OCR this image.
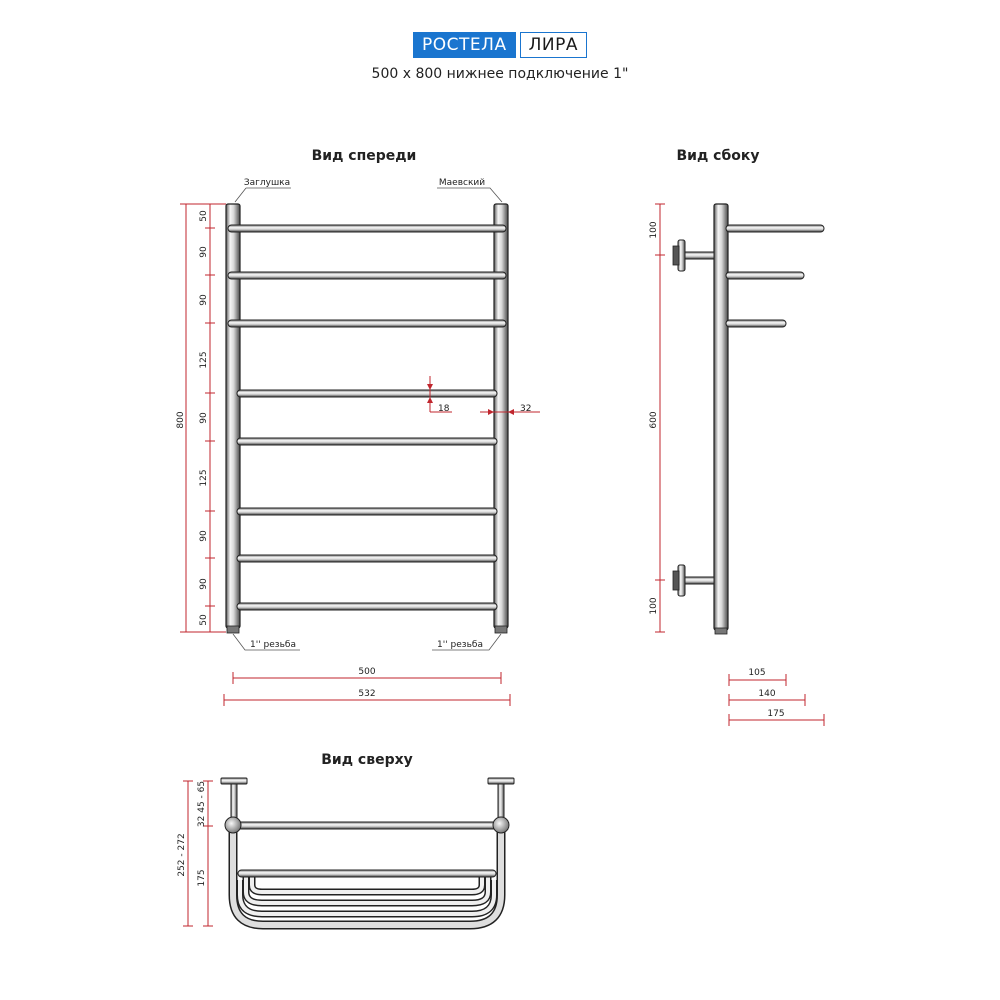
РОСТЕЛА ЛИРА
500 х 800 нижнее подключение 1"
Вид спереди
Заглушка	Маевский
800
50
90
90
125
90
125
90
90
50
18	32
1'' резьба	1'' резьба
500
532
Вид сбоку
100
600
100
105
140
175
Вид сверху
252 - 272
32 45 - 65
175
